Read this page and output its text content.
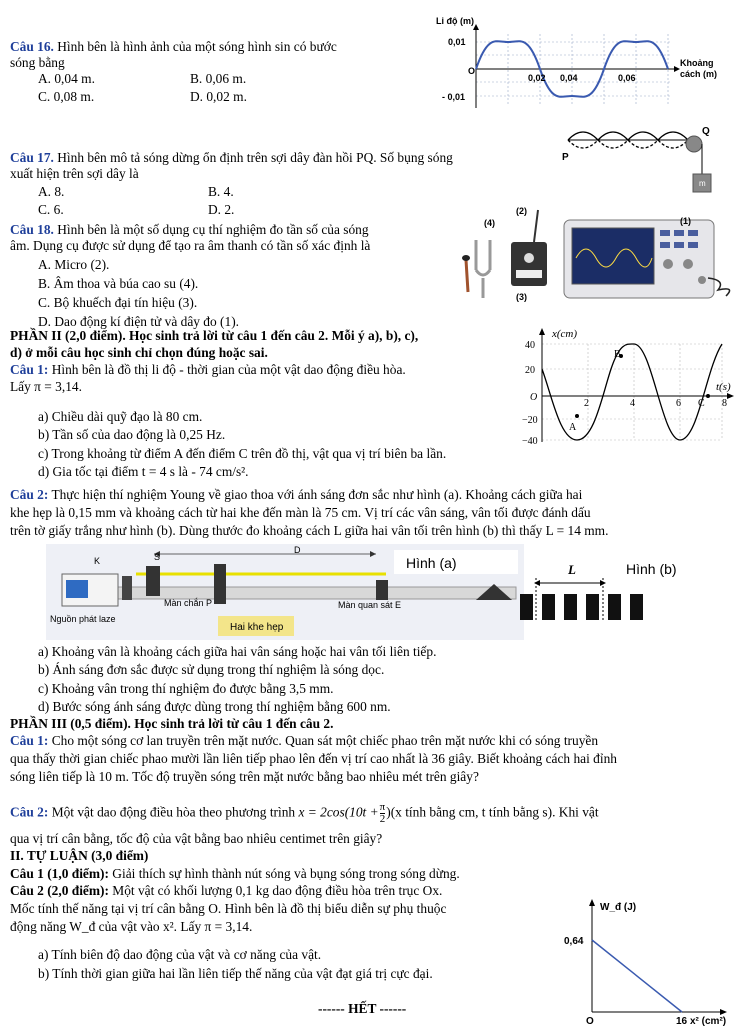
Câu 16. Hình bên là hình ảnh của một sóng hình sin có bước
sóng bằng
A. 0,04 m.	B. 0,06 m.
C. 0,08 m.	D. 0,02 m.
Li độ (m)
0,01
O
- 0,01
0,02 0,04	0,06
Khoảng
cách (m)
Câu 17. Hình bên mô tả sóng dừng ổn định trên sợi dây đàn hồi PQ. Số bụng sóng
xuất hiện trên sợi dây là
A. 8.	B. 4.
C. 6.	D. 2.
m
P
Q
Câu 18. Hình bên là một số dụng cụ thí nghiệm đo tần số của sóng
âm. Dụng cụ được sử dụng để tạo ra âm thanh có tần số xác định là
A. Micro (2).
B. Âm thoa và búa cao su (4).
C. Bộ khuếch đại tín hiệu (3).
D. Dao động kí điện tử và dây đo (1).
(4)
(2)
(3)
(1)
PHẦN II (2,0 điểm). Học sinh trả lời từ câu 1 đến câu 2. Mỗi ý a), b), c),
d) ở mỗi câu học sinh chỉ chọn đúng hoặc sai.
Câu 1: Hình bên là đồ thị li độ - thời gian của một vật dao động điều hòa.
Lấy π = 3,14.
a) Chiều dài quỹ đạo là 80 cm.
b) Tần số của dao động là 0,25 Hz.
c) Trong khoảng từ điểm A đến điểm C trên đồ thị, vật qua vị trí biên ba lần.
d) Gia tốc tại điểm t = 4 s là - 74 cm/s².
x(cm)
t(s)
O
40
20
−20
−40
2	4	6	8
A
B
C
Câu 2: Thực hiện thí nghiệm Young về giao thoa với ánh sáng đơn sắc như hình (a). Khoảng cách giữa hai
khe hẹp là 0,15 mm và khoảng cách từ hai khe đến màn là 75 cm. Vị trí các vân sáng, vân tối được đánh dấu
trên tờ giấy trắng như hình (b). Dùng thước đo khoảng cách L giữa hai vân tối trên hình (b) thì thấy L = 14 mm.
D
K	S
Màn chắn P
Nguồn phát laze
Màn quan sát E
Hai khe hẹp
Hình (a)	Hình (b)
L
a) Khoảng vân là khoảng cách giữa hai vân sáng hoặc hai vân tối liên tiếp.
b) Ánh sáng đơn sắc được sử dụng trong thí nghiệm là sóng dọc.
c) Khoảng vân trong thí nghiệm đo được bằng 3,5 mm.
d) Bước sóng ánh sáng được dùng trong thí nghiệm bằng 600 nm.
PHẦN III (0,5 điểm). Học sinh trả lời từ câu 1 đến câu 2.
Câu 1: Cho một sóng cơ lan truyền trên mặt nước. Quan sát một chiếc phao trên mặt nước khi có sóng truyền
qua thấy thời gian chiếc phao mười lần liên tiếp phao lên đến vị trí cao nhất là 36 giây. Biết khoảng cách hai đỉnh
sóng liên tiếp là 10 m. Tốc độ truyền sóng trên mặt nước bằng bao nhiêu mét trên giây?
Câu 2: Một vật dao động điều hòa theo phương trình $x = 2\cos(10t + \frac{\pi}{2} )(x$ tính bằng cm, t tính bằng s). Khi vật
qua vị trí cân bằng, tốc độ của vật bằng bao nhiêu centimet trên giây?
II. TỰ LUẬN (3,0 điểm)
Câu 1 (1,0 điểm): Giải thích sự hình thành nút sóng và bụng sóng trong sóng dừng.
Câu 2 (2,0 điểm): Một vật có khối lượng 0,1 kg dao động điều hòa trên trục Ox.
Mốc tính thế năng tại vị trí cân bằng O. Hình bên là đồ thị biểu diễn sự phụ thuộc
động năng W_đ của vật vào x². Lấy π = 3,14.
a) Tính biên độ dao động của vật và cơ năng của vật.
b) Tính thời gian giữa hai lần liên tiếp thế năng của vật đạt giá trị cực đại.
W_đ (J)
0,64
O	16 x² (cm²)
------ HẾT ------
